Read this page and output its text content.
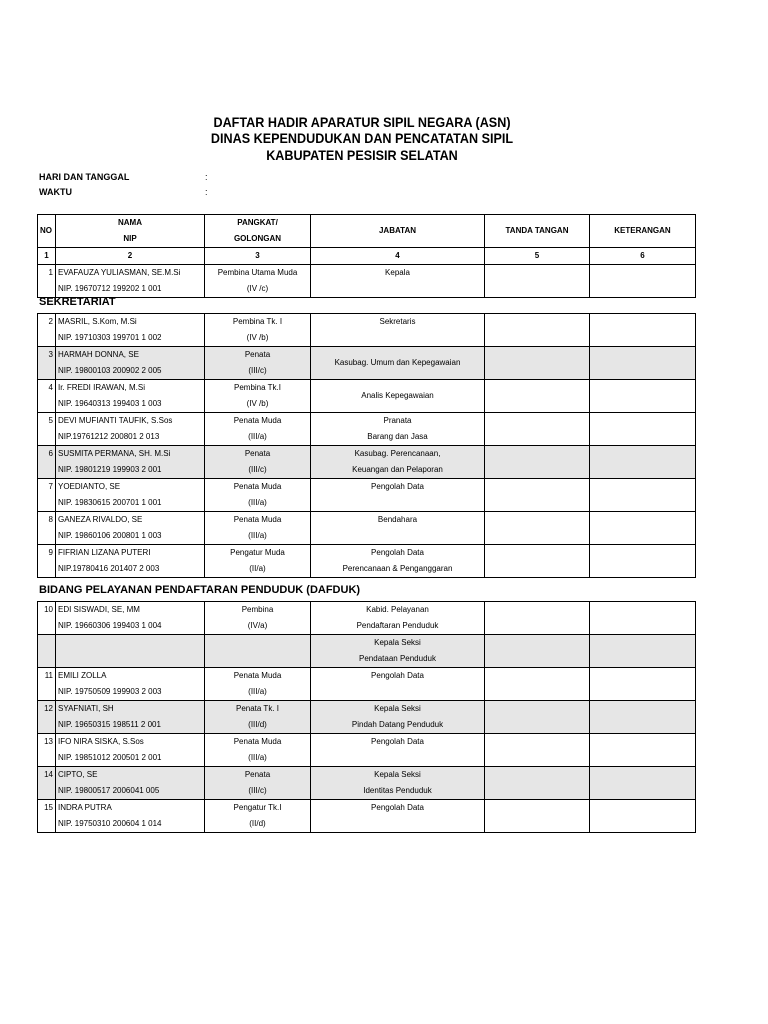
DAFTAR HADIR APARATUR SIPIL NEGARA (ASN)
DINAS KEPENDUDUKAN DAN PENCATATAN SIPIL
KABUPATEN PESISIR SELATAN
HARI DAN TANGGAL	:
WAKTU	:
NO	NAMA	PANGKAT/	JABATAN	TANDA TANGAN	KETERANGAN
	NIP	GOLONGAN			
1	2	3	4	5	6
1	EVAFAUZA YULIASMAN, SE.M.Si	Pembina Utama Muda	Kepala		
	NIP. 19670712 199202 1 001	(IV /c)			
SEKRETARIAT
2	MASRIL, S.Kom, M.Si	Pembina Tk. I	Sekretaris		
	NIP. 19710303 199701 1 002	(IV /b)			
3	HARMAH DONNA, SE	Penata	Kasubag. Umum dan Kepegawaian		
	NIP. 19800103 200902 2 005	(III/c)			
4	Ir. FREDI IRAWAN, M.Si	Pembina Tk.I	Analis Kepegawaian		
	NIP. 19640313 199403 1 003	(IV /b)			
5	DEVI MUFIANTI TAUFIK, S.Sos	Penata Muda	Pranata		
	NIP.19761212 200801 2 013	(III/a)	Barang dan Jasa		
6	SUSMITA PERMANA, SH. M.Si	Penata	Kasubag. Perencanaan,		
	NIP. 19801219 199903 2 001	(III/c)	Keuangan dan Pelaporan		
7	YOEDIANTO, SE	Penata Muda	Pengolah Data		
	NIP. 19830615 200701 1 001	(III/a)			
8	GANEZA RIVALDO, SE	Penata Muda	Bendahara		
	NIP. 19860106 200801 1 003	(III/a)			
9	FIFRIAN LIZANA PUTERI	Pengatur Muda	Pengolah Data		
	NIP.19780416 201407 2 003	(II/a)	Perencanaan & Penganggaran		
BIDANG PELAYANAN PENDAFTARAN PENDUDUK (DAFDUK)
10	EDI SISWADI, SE, MM	Pembina	Kabid. Pelayanan		
	NIP. 19660306 199403 1 004	(IV/a)	Pendaftaran Penduduk		
			Kepala Seksi		
			Pendataan Penduduk		
11	EMILI ZOLLA	Penata Muda	Pengolah Data		
	NIP. 19750509 199903 2 003	(III/a)			
12	SYAFNIATI, SH	Penata Tk. I	Kepala Seksi		
	NIP. 19650315 198511 2 001	(III/d)	Pindah Datang Penduduk		
13	IFO NIRA SISKA, S.Sos	Penata Muda	Pengolah Data		
	NIP. 19851012 200501 2 001	(III/a)			
14	CIPTO, SE	Penata	Kepala Seksi		
	NIP. 19800517 2006041 005	(III/c)	Identitas Penduduk		
15	INDRA PUTRA	Pengatur Tk.I	Pengolah Data		
	NIP. 19750310 200604 1 014	(II/d)			
